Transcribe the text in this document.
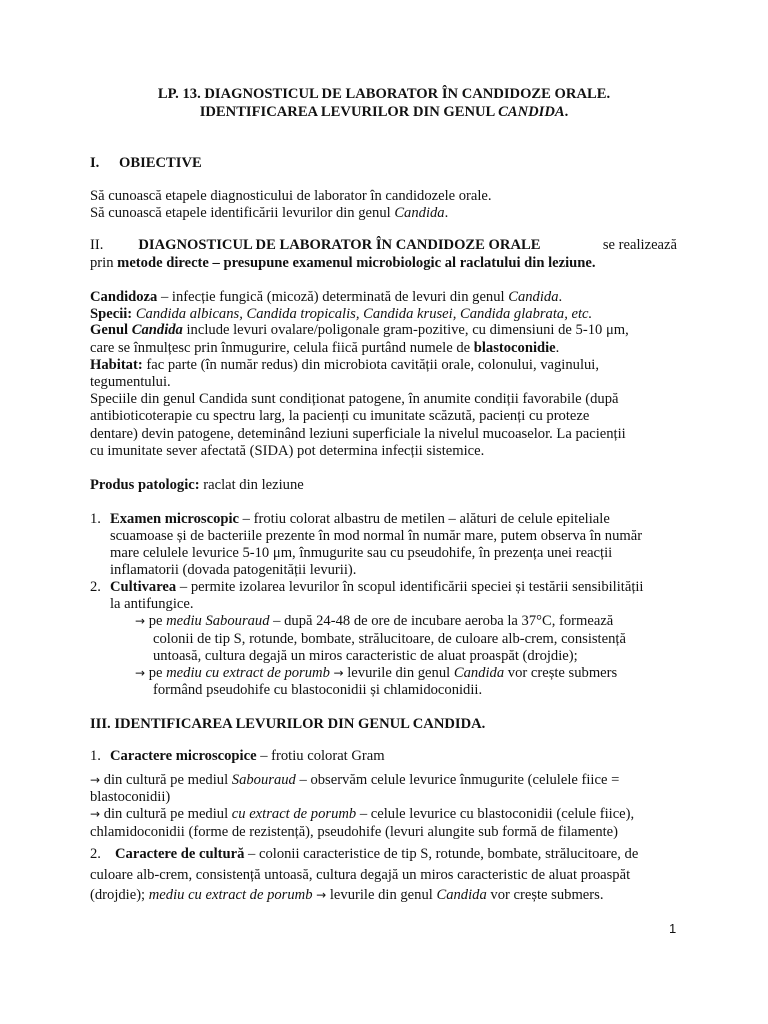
LP. 13. DIAGNOSTICUL DE LABORATOR ÎN CANDIDOZE ORALE.
IDENTIFICAREA LEVURILOR DIN GENUL CANDIDA.
I. OBIECTIVE
Să cunoască etapele diagnosticului de laborator în candidozele orale.
Să cunoască etapele identificării levurilor din genul Candida.
II. DIAGNOSTICUL DE LABORATOR ÎN CANDIDOZE ORALE	se realizează
prin metode directe – presupune examenul microbiologic al raclatului din leziune.
Candidoza – infecție fungică (micoză) determinată de levuri din genul Candida.
Specii: Candida albicans, Candida tropicalis, Candida krusei, Candida glabrata, etc.
Genul Candida include levuri ovalare/poligonale gram-pozitive, cu dimensiuni de 5-10 μm,
care se înmulțesc prin înmugurire, celula fiică purtând numele de blastoconidie.
Habitat: fac parte (în număr redus) din microbiota cavității orale, colonului, vaginului,
tegumentului.
Speciile din genul Candida sunt condiționat patogene, în anumite condiții favorabile (după
antibioticoterapie cu spectru larg, la pacienți cu imunitate scăzută, pacienți cu proteze
dentare) devin patogene, deteminând leziuni superficiale la nivelul mucoaselor. La pacienții
cu imunitate sever afectată (SIDA) pot determina infecții sistemice.
Produs patologic: raclat din leziune
1. Examen microscopic – frotiu colorat albastru de metilen – alături de celule epiteliale
scuamoase și de bacteriile prezente în mod normal în număr mare, putem observa în număr
mare celulele levurice 5-10 μm, înmugurite sau cu pseudohife, în prezența unei reacții
inflamatorii (dovada patogenității levurii).
2. Cultivarea – permite izolarea levurilor în scopul identificării speciei și testării sensibilității
la antifungice.
→ pe mediu Sabouraud – după 24-48 de ore de incubare aeroba la 37°C, formează
colonii de tip S, rotunde, bombate, strălucitoare, de culoare alb-crem, consistență
untoasă, cultura degajă un miros caracteristic de aluat proaspăt (drojdie);
→ pe mediu cu extract de porumb → levurile din genul Candida vor crește submers
formând pseudohife cu blastoconidii și chlamidoconidii.
III. IDENTIFICAREA LEVURILOR DIN GENUL CANDIDA.
1. Caractere microscopice – frotiu colorat Gram
→ din cultură pe mediul Sabouraud – observăm celule levurice înmugurite (celulele fiice =
blastoconidii)
→ din cultură pe mediul cu extract de porumb – celule levurice cu blastoconidii (celule fiice),
chlamidoconidii (forme de rezistență), pseudohife (levuri alungite sub formă de filamente)
2. Caractere de cultură – colonii caracteristice de tip S, rotunde, bombate, strălucitoare, de
culoare alb-crem, consistență untoasă, cultura degajă un miros caracteristic de aluat proaspăt
(drojdie); mediu cu extract de porumb → levurile din genul Candida vor crește submers.
1
